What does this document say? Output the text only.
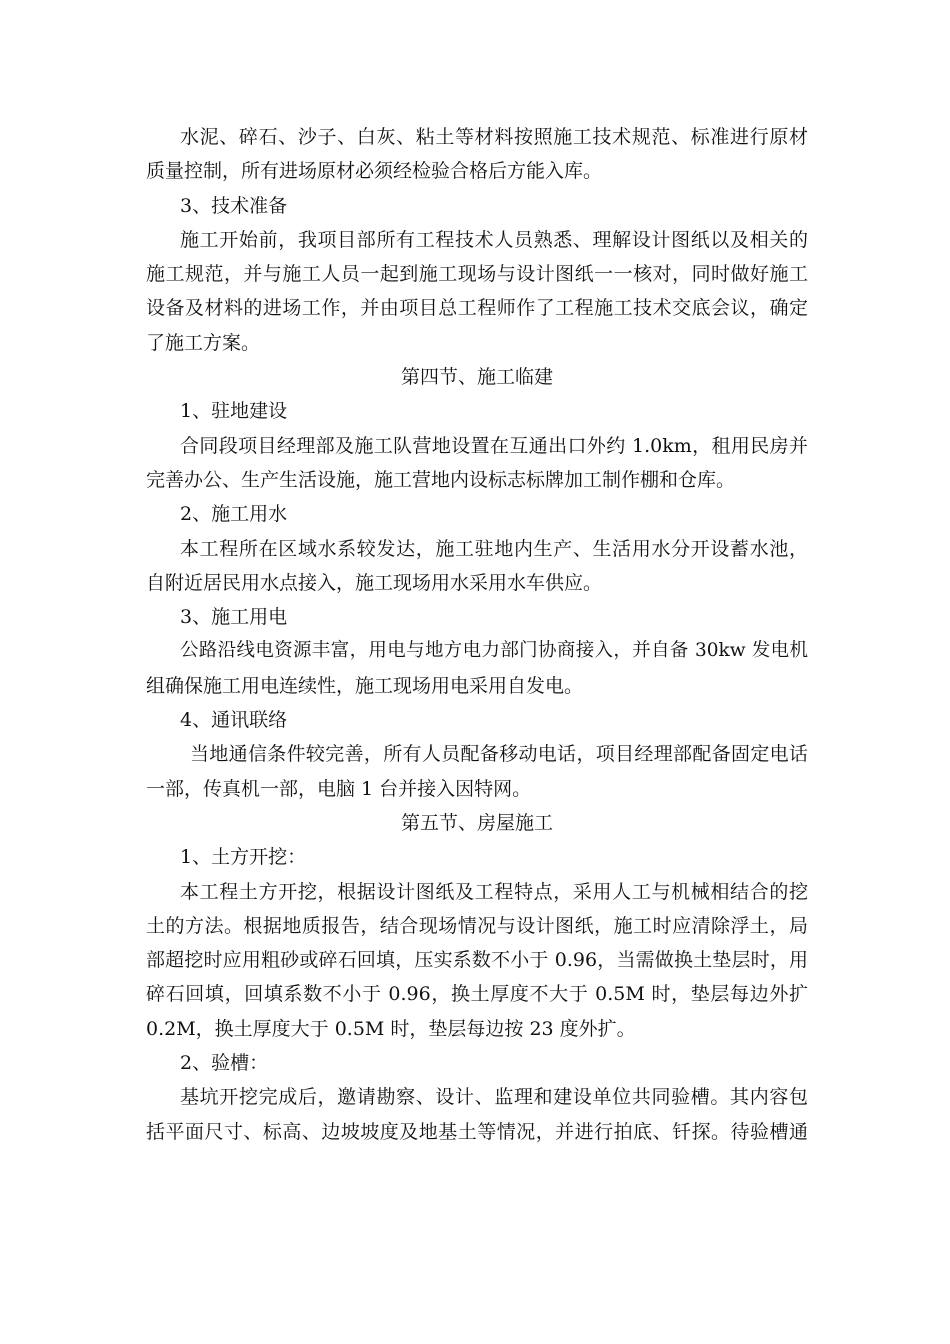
水泥、碎石、沙子、白灰、粘土等材料按照施工技术规范、标准进行原材
质量控制，所有进场原材必须经检验合格后方能入库。
3、技术准备
施工开始前，我项目部所有工程技术人员熟悉、理解设计图纸以及相关的
施工规范，并与施工人员一起到施工现场与设计图纸一一核对，同时做好施工
设备及材料的进场工作，并由项目总工程师作了工程施工技术交底会议，确定
了施工方案。
第四节、施工临建
1、驻地建设
合同段项目经理部及施工队营地设置在互通出口外约 1.0km，租用民房并
完善办公、生产生活设施，施工营地内设标志标牌加工制作棚和仓库。
2、施工用水
本工程所在区域水系较发达，施工驻地内生产、生活用水分开设蓄水池，
自附近居民用水点接入，施工现场用水采用水车供应。
3、施工用电
公路沿线电资源丰富，用电与地方电力部门协商接入，并自备 30kw 发电机
组确保施工用电连续性，施工现场用电采用自发电。
4、通讯联络
当地通信条件较完善，所有人员配备移动电话，项目经理部配备固定电话
一部，传真机一部，电脑 1 台并接入因特网。
第五节、房屋施工
1、土方开挖：
本工程土方开挖，根据设计图纸及工程特点，采用人工与机械相结合的挖
土的方法。根据地质报告，结合现场情况与设计图纸，施工时应清除浮土，局
部超挖时应用粗砂或碎石回填，压实系数不小于 0.96，当需做换土垫层时，用
碎石回填，回填系数不小于 0.96，换土厚度不大于 0.5M 时，垫层每边外扩
0.2M，换土厚度大于 0.5M 时，垫层每边按 23 度外扩。
2、验槽：
基坑开挖完成后，邀请勘察、设计、监理和建设单位共同验槽。其内容包
括平面尺寸、标高、边坡坡度及地基土等情况，并进行拍底、钎探。待验槽通
